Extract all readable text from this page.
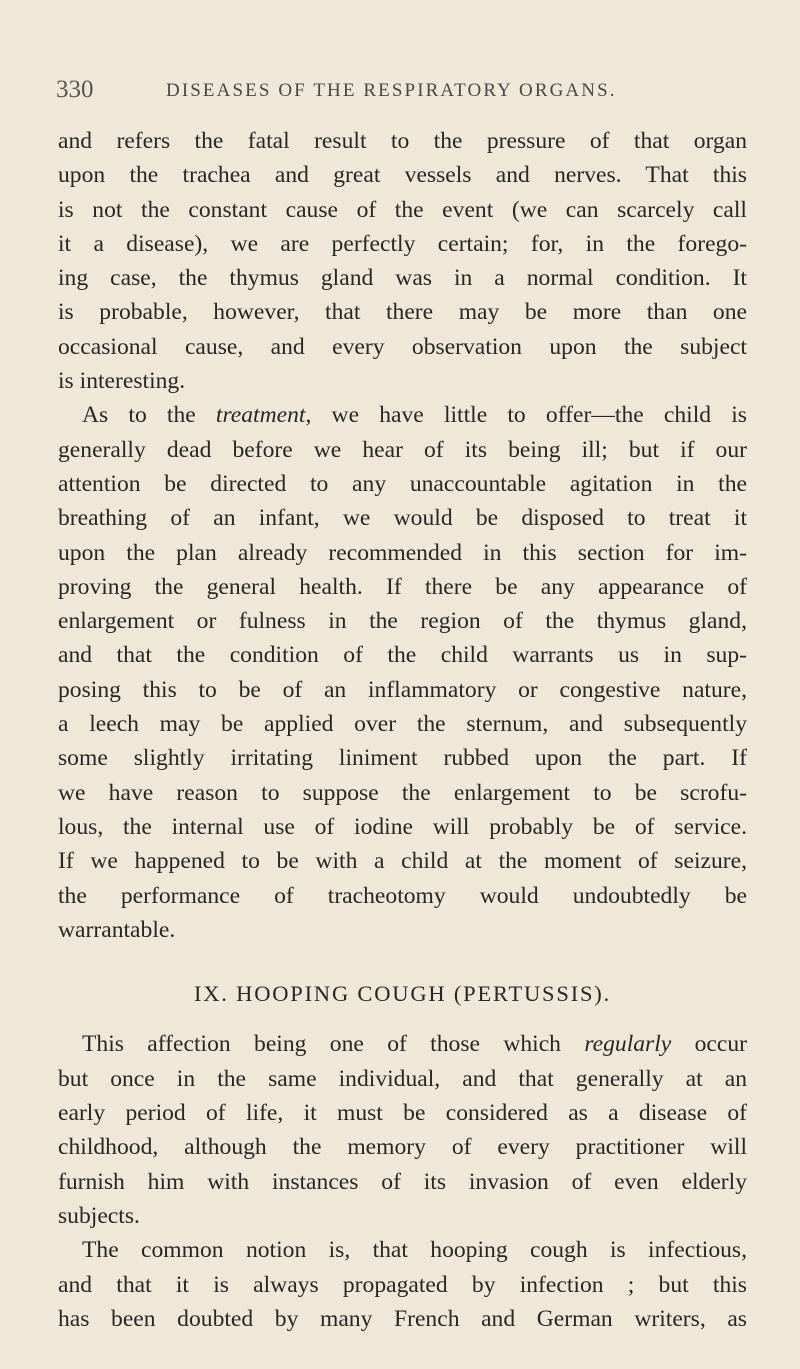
330	DISEASES OF THE RESPIRATORY ORGANS.
and refers the fatal result to the pressure of that organ
upon the trachea and great vessels and nerves. That this
is not the constant cause of the event (we can scarcely call
it a disease), we are perfectly certain; for, in the forego-
ing case, the thymus gland was in a normal condition. It
is probable, however, that there may be more than one
occasional cause, and every observation upon the subject
is interesting.
As to the treatment, we have little to offer—the child is
generally dead before we hear of its being ill; but if our
attention be directed to any unaccountable agitation in the
breathing of an infant, we would be disposed to treat it
upon the plan already recommended in this section for im-
proving the general health. If there be any appearance of
enlargement or fulness in the region of the thymus gland,
and that the condition of the child warrants us in sup-
posing this to be of an inflammatory or congestive nature,
a leech may be applied over the sternum, and subsequently
some slightly irritating liniment rubbed upon the part. If
we have reason to suppose the enlargement to be scrofu-
lous, the internal use of iodine will probably be of service.
If we happened to be with a child at the moment of seizure,
the performance of tracheotomy would undoubtedly be
warrantable.
IX. HOOPING COUGH (PERTUSSIS).
This affection being one of those which regularly occur
but once in the same individual, and that generally at an
early period of life, it must be considered as a disease of
childhood, although the memory of every practitioner will
furnish him with instances of its invasion of even elderly
subjects.
The common notion is, that hooping cough is infectious,
and that it is always propagated by infection ; but this
has been doubted by many French and German writers, as
